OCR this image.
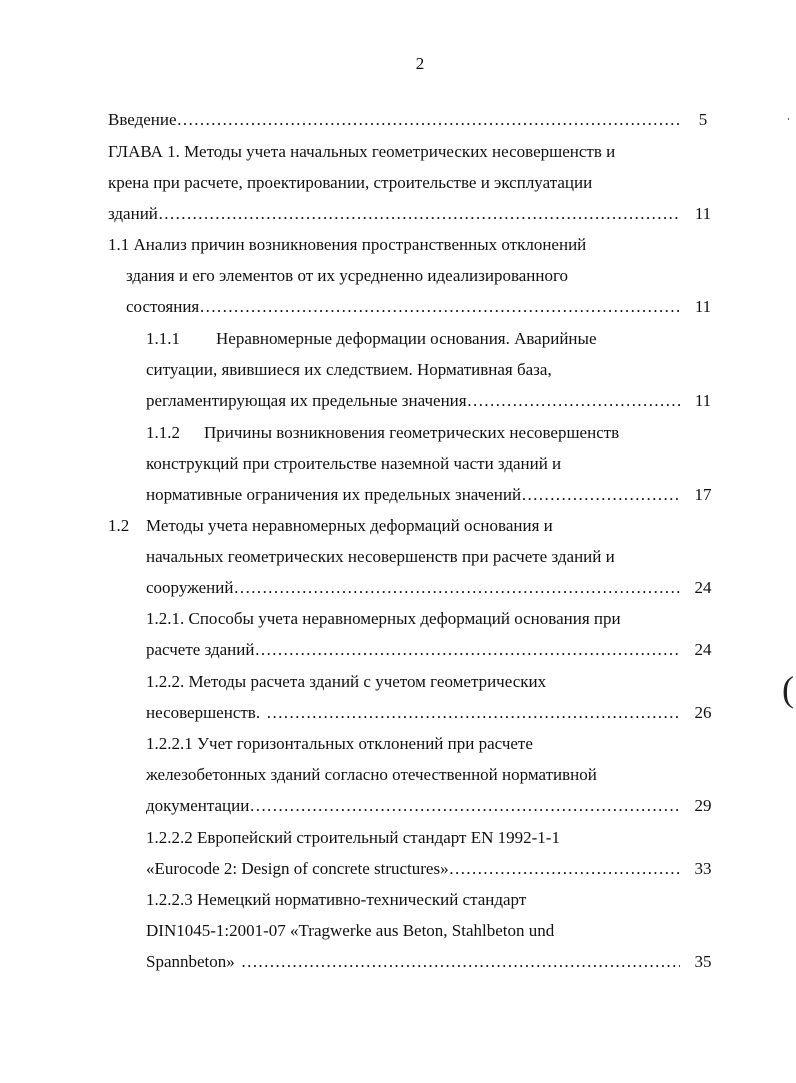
2
Введение …………………………………………………………………………………………………………………………………………………………………………………………………………………………	5
ГЛАВА 1. Методы учета начальных геометрических несовершенств и
крена при расчете, проектировании, строительстве и эксплуатации
зданий …………………………………………………………………………………………………………………………………………………………………………………………………………………………	11
1.1 Анализ причин возникновения пространственных отклонений
здания и его элементов от их усредненно идеализированного
состояния …………………………………………………………………………………………………………………………………………………………………………………………………………………………	11
1.1.1 Неравномерные деформации основания. Аварийные
ситуации, явившиеся их следствием. Нормативная база,
регламентирующая их предельные значения …………………………………………………………………………………………………………………………………………………………………………………………………………………………	11
1.1.2 Причины возникновения геометрических несовершенств
конструкций при строительстве наземной части зданий и
нормативные ограничения их предельных значений …………………………………………………………………………………………………………………………………………………………………………………………………………………………	17
1.2 Методы учета неравномерных деформаций основания и
начальных геометрических несовершенств при расчете зданий и
сооружений …………………………………………………………………………………………………………………………………………………………………………………………………………………………	24
1.2.1. Способы учета неравномерных деформаций основания при
расчете зданий …………………………………………………………………………………………………………………………………………………………………………………………………………………………	24
1.2.2. Методы расчета зданий с учетом геометрических
несовершенств. …………………………………………………………………………………………………………………………………………………………………………………………………………………………	26
1.2.2.1 Учет горизонтальных отклонений при расчете
железобетонных зданий согласно отечественной нормативной
документации …………………………………………………………………………………………………………………………………………………………………………………………………………………………	29
1.2.2.2 Европейский строительный стандарт EN 1992-1-1
«Eurocode 2: Design of concrete structures» …………………………………………………………………………………………………………………………………………………………………………………………………………………………	33
1.2.2.3 Немецкий нормативно-технический стандарт
DIN1045-1:2001-07 «Tragwerke aus Beton, Stahlbeton und
Spannbeton» …………………………………………………………………………………………………………………………………………………………………………………………………………………………	35
ˌ
(
